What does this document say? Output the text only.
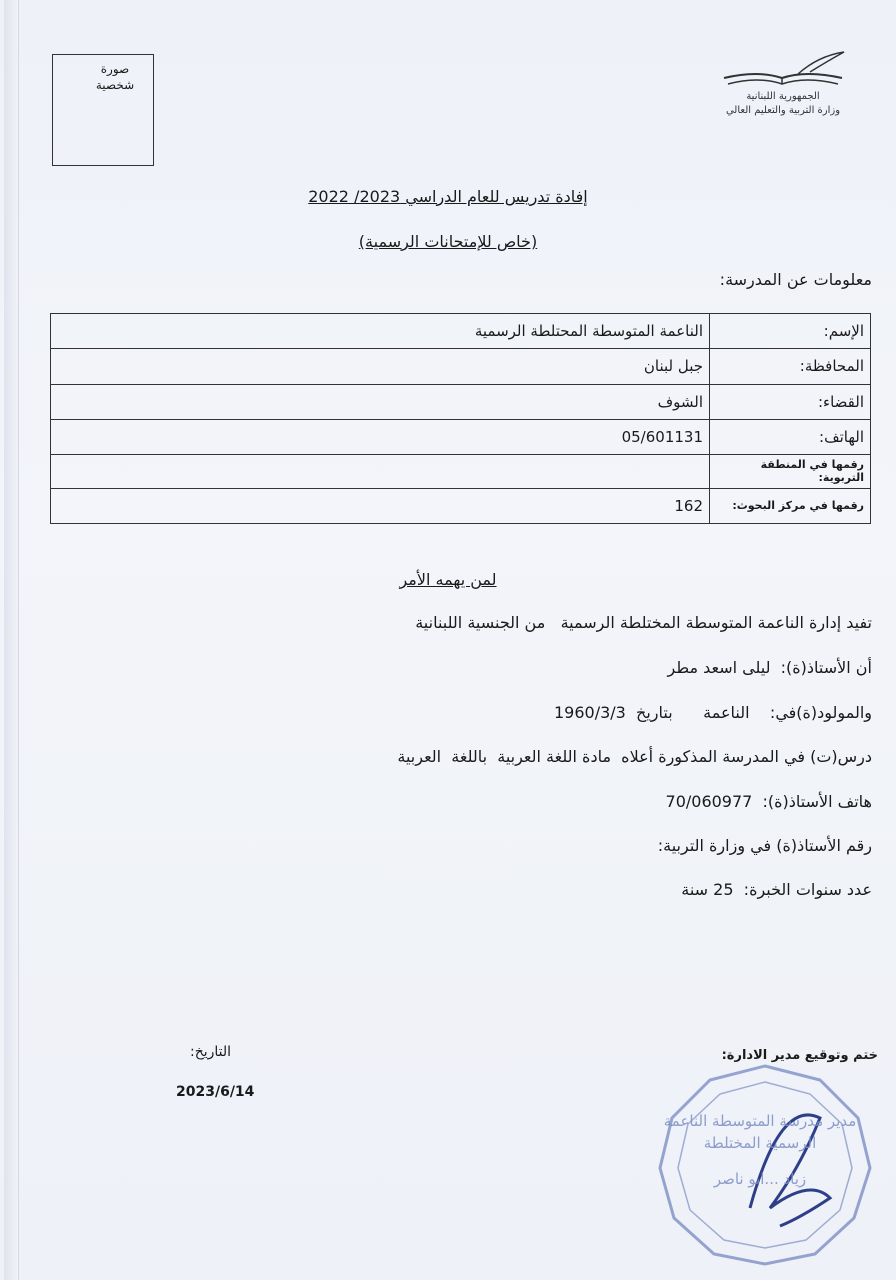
صورة
شخصية
الجمهورية اللبنانية
وزارة التربية والتعليم العالي
إفادة تدريس للعام الدراسي 2023/ 2022
(خاص للإمتحانات الرسمية)
معلومات عن المدرسة:
الإسم:	الناعمة المتوسطة المحتلطة الرسمية
المحافظة:	جبل لبنان
القضاء:	الشوف
الهاتف:	05/601131
رقمها في المنطقة التربوية:	
رقمها في مركز البحوث:	162
لمن يهمه الأمر
تفيد إدارة الناعمة المتوسطة المختلطة الرسمية   من الجنسية اللبنانية
أن الأستاذ(ة):  ليلى اسعد مطر
والمولود(ة)في:    الناعمة      بتاريخ  1960/3/3
درس(ت) في المدرسة المذكورة أعلاه  مادة اللغة العربية  باللغة  العربية
هاتف الأستاذ(ة):  70/060977
رقم الأستاذ(ة) في وزارة التربية:
عدد سنوات الخبرة:  25 سنة
ختم وتوقيع مدير الادارة:
التاريخ:
2023/6/14
مدير مدرسة المتوسطة الناعمة
الرسمية المختلطة
زياد ...ابو ناصر
